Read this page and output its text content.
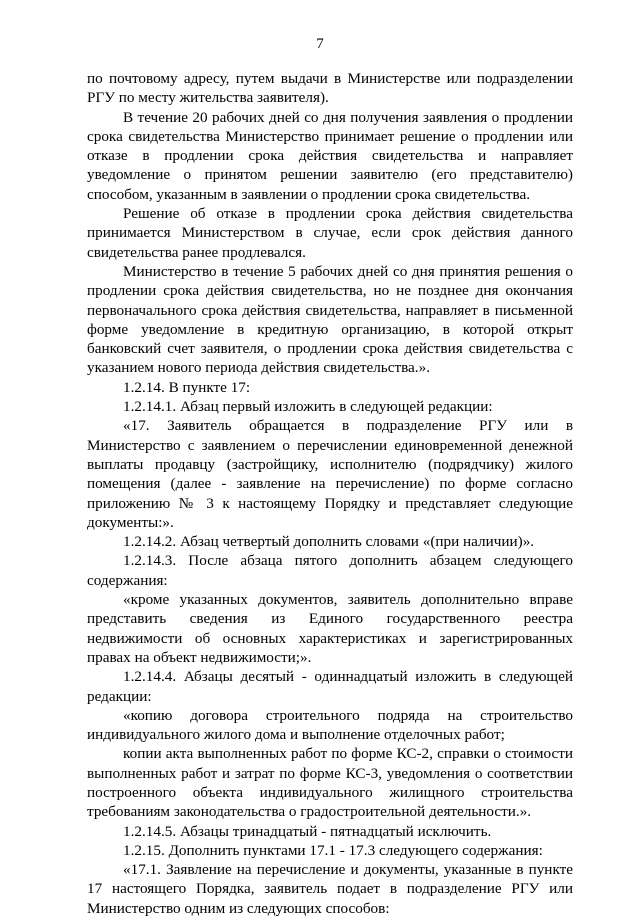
7

по почтовому адресу, путем выдачи в Министерстве или подразделении РГУ по месту жительства заявителя).

В течение 20 рабочих дней со дня получения заявления о продлении срока свидетельства Министерство принимает решение о продлении или отказе в продлении срока действия свидетельства и направляет уведомление о принятом решении заявителю (его представителю) способом, указанным в заявлении о продлении срока свидетельства.

Решение об отказе в продлении срока действия свидетельства принимается Министерством в случае, если срок действия данного свидетельства ранее продлевался.

Министерство в течение 5 рабочих дней со дня принятия решения о продлении срока действия свидетельства, но не позднее дня окончания первоначального срока действия свидетельства, направляет в письменной форме уведомление в кредитную организацию, в которой открыт банковский счет заявителя, о продлении срока действия свидетельства с указанием нового периода действия свидетельства.».

1.2.14. В пункте 17:

1.2.14.1. Абзац первый изложить в следующей редакции:

«17. Заявитель обращается в подразделение РГУ или в Министерство с заявлением о перечислении единовременной денежной выплаты продавцу (застройщику, исполнителю (подрядчику) жилого помещения (далее - заявление на перечисление) по форме согласно приложению № 3 к настоящему Порядку и представляет следующие документы:».

1.2.14.2. Абзац четвертый дополнить словами «(при наличии)».

1.2.14.3. После абзаца пятого дополнить абзацем следующего содержания:

«кроме указанных документов, заявитель дополнительно вправе представить сведения из Единого государственного реестра недвижимости об основных характеристиках и зарегистрированных правах на объект недвижимости;».

1.2.14.4. Абзацы десятый - одиннадцатый изложить в следующей редакции:

«копию договора строительного подряда на строительство индивидуального жилого дома и выполнение отделочных работ;

копии акта выполненных работ по форме КС-2, справки о стоимости выполненных работ и затрат по форме КС-3, уведомления о соответствии построенного объекта индивидуального жилищного строительства требованиям законодательства о градостроительной деятельности.».

1.2.14.5. Абзацы тринадцатый - пятнадцатый исключить.

1.2.15. Дополнить пунктами 17.1 - 17.3 следующего содержания:

«17.1. Заявление на перечисление и документы, указанные в пункте 17 настоящего Порядка, заявитель подает в подразделение РГУ или Министерство одним из следующих способов:
